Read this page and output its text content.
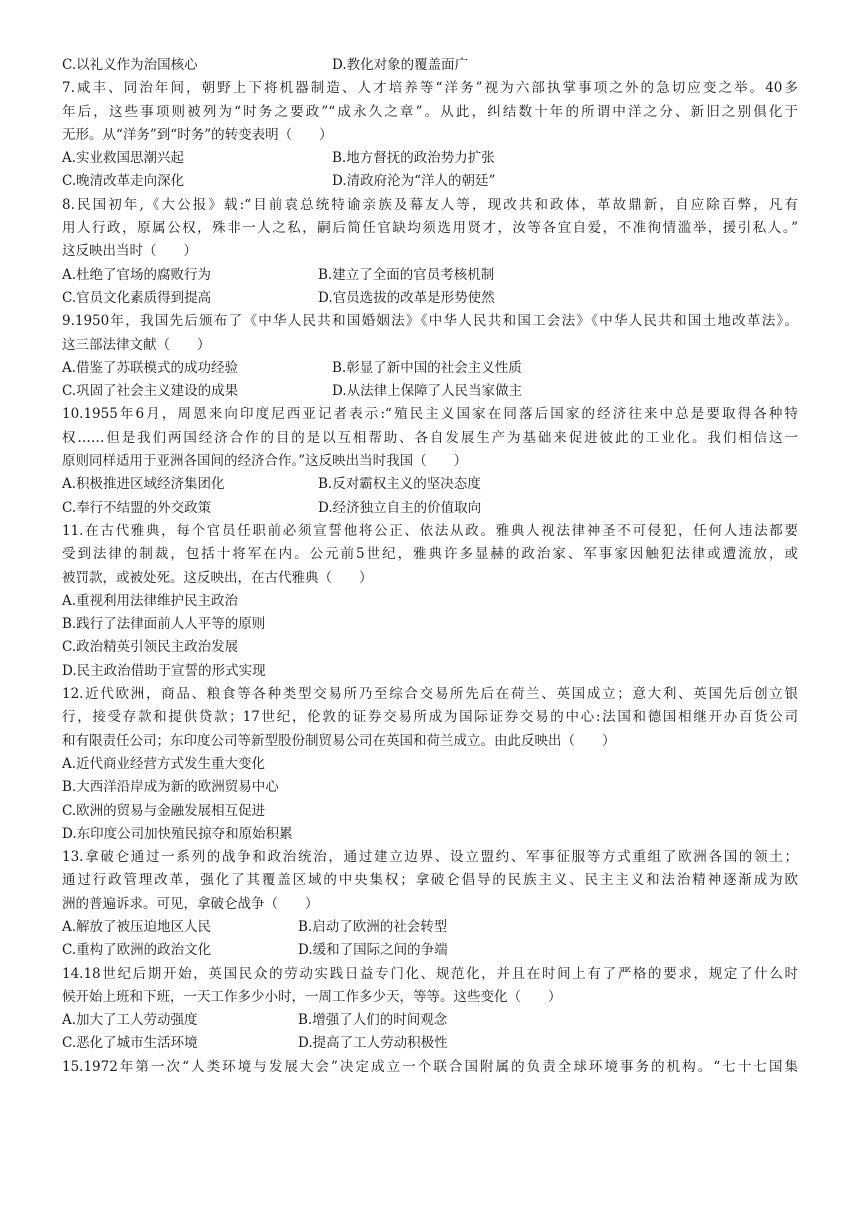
C.以礼义作为治国核心	D.教化对象的覆盖面广
7.咸丰、同治年间，朝野上下将机器制造、人才培养等“洋务”视为六部执掌事项之外的急切应变之举。40多
年后，这些事项则被列为“时务之要政”“成永久之章”。从此，纠结数十年的所谓中洋之分、新旧之别俱化于
无形。从“洋务”到“时务”的转变表明（　　）
A.实业救国思潮兴起	B.地方督抚的政治势力扩张
C.晚清改革走向深化	D.清政府沦为“洋人的朝廷”
8.民国初年,《大公报》载:“目前袁总统特谕亲族及幕友人等，现改共和政体，革故鼎新，自应除百弊，凡有
用人行政，原属公权，殊非一人之私，嗣后简任官缺均须选用贤才，汝等各宜自爱，不准徇情滥举，援引私人。”
这反映出当时（　　）
A.杜绝了官场的腐败行为	B.建立了全面的官员考核机制
C.官员文化素质得到提高	D.官员选拔的改革是形势使然
9.1950年，我国先后颁布了《中华人民共和国婚姻法》《中华人民共和国工会法》《中华人民共和国土地改革法》。
这三部法律文献（　　）
A.借鉴了苏联模式的成功经验	B.彰显了新中国的社会主义性质
C.巩固了社会主义建设的成果	D.从法律上保障了人民当家做主
10.1955年6月，周恩来向印度尼西亚记者表示:“殖民主义国家在同落后国家的经济往来中总是要取得各种特
权……但是我们两国经济合作的目的是以互相帮助、各自发展生产为基础来促进彼此的工业化。我们相信这一
原则同样适用于亚洲各国间的经济合作。”这反映出当时我国（　　）
A.积极推进区域经济集团化	B.反对霸权主义的坚决态度
C.奉行不结盟的外交政策	D.经济独立自主的价值取向
11.在古代雅典，每个官员任职前必须宣誓他将公正、依法从政。雅典人视法律神圣不可侵犯，任何人违法都要
受到法律的制裁，包括十将军在内。公元前5世纪，雅典许多显赫的政治家、军事家因触犯法律或遭流放，或
被罚款，或被处死。这反映出，在古代雅典（　　）
A.重视利用法律维护民主政治
B.践行了法律面前人人平等的原则
C.政治精英引领民主政治发展
D.民主政治借助于宣誓的形式实现
12.近代欧洲，商品、粮食等各种类型交易所乃至综合交易所先后在荷兰、英国成立；意大利、英国先后创立银
行，接受存款和提供贷款；17世纪，伦敦的证券交易所成为国际证券交易的中心:法国和德国相继开办百货公司
和有限责任公司；东印度公司等新型股份制贸易公司在英国和荷兰成立。由此反映出（　　）
A.近代商业经营方式发生重大变化
B.大西洋沿岸成为新的欧洲贸易中心
C.欧洲的贸易与金融发展相互促进
D.东印度公司加快殖民掠夺和原始积累
13.拿破仑通过一系列的战争和政治统治，通过建立边界、设立盟约、军事征服等方式重组了欧洲各国的领土；
通过行政管理改革，强化了其覆盖区域的中央集权；拿破仑倡导的民族主义、民主主义和法治精神逐渐成为欧
洲的普遍诉求。可见，拿破仑战争（　　）
A.解放了被压迫地区人民	B.启动了欧洲的社会转型
C.重构了欧洲的政治文化	D.缓和了国际之间的争端
14.18世纪后期开始，英国民众的劳动实践日益专门化、规范化，并且在时间上有了严格的要求，规定了什么时
候开始上班和下班，一天工作多少小时，一周工作多少天，等等。这些变化（　　）
A.加大了工人劳动强度	B.增强了人们的时间观念
C.恶化了城市生活环境	D.提高了工人劳动积极性
15.1972年第一次“人类环境与发展大会”决定成立一个联合国附属的负责全球环境事务的机构。“七十七国集
